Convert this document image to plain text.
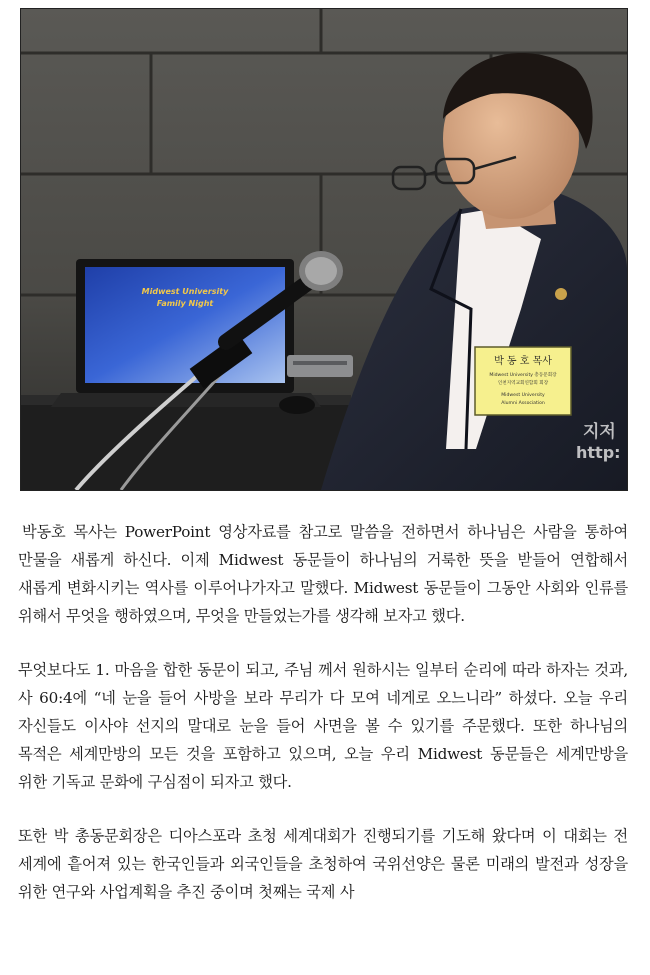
Midwest University
Family Night
박 동 호 목사
Midwest University 총동문회장
인천지역교회연합회 회장
Midwest University
Alumni Association
지저
http:

박동호 목사는 PowerPoint 영상자료를 참고로 말씀을 전하면서 하나님은 사람을 통하여 만물을 새롭게 하신다. 이제 Midwest 동문들이 하나님의 거룩한 뜻을 받들어 연합해서 새롭게 변화시키는 역사를 이루어나가자고 말했다. Midwest 동문들이 그동안 사회와 인류를 위해서 무엇을 행하였으며, 무엇을 만들었는가를 생각해 보자고 했다.

무엇보다도 1. 마음을 합한 동문이 되고, 주님 께서 원하시는 일부터 순리에 따라 하자는 것과, 사 60:4에 “네 눈을 들어 사방을 보라 무리가 다 모여 네게로 오느니라” 하셨다. 오늘 우리 자신들도 이사야 선지의 말대로 눈을 들어 사면을 볼 수 있기를 주문했다. 또한 하나님의 목적은 세계만방의 모든 것을 포함하고 있으며, 오늘 우리 Midwest 동문들은 세계만방을 위한 기독교 문화에 구심점이 되자고 했다.

또한 박 총동문회장은 디아스포라 초청 세계대회가 진행되기를 기도해 왔다며 이 대회는 전 세계에 흩어져 있는 한국인들과 외국인들을 초청하여 국위선양은 물론 미래의 발전과 성장을 위한 연구와 사업계획을 추진 중이며 첫째는 국제 사
